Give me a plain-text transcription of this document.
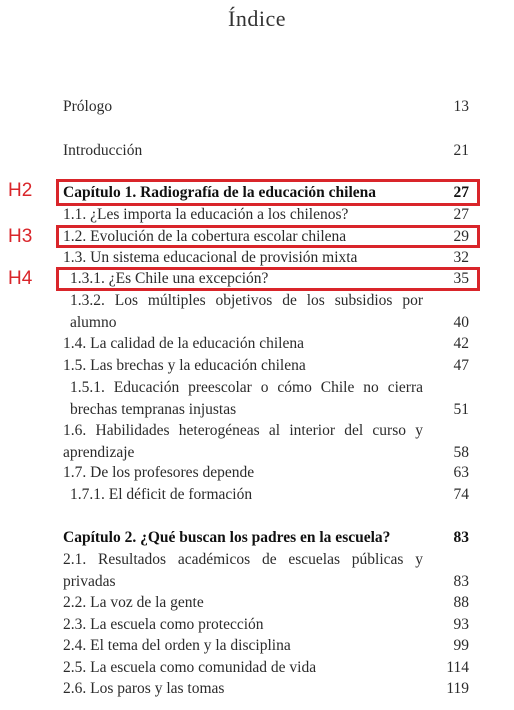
Índice
Prólogo	13
Introducción	21
Capítulo 1. Radiografía de la educación chilena	27
1.1. ¿Les importa la educación a los chilenos?	27
1.2. Evolución de la cobertura escolar chilena	29
1.3. Un sistema educacional de provisión mixta	32
1.3.1. ¿Es Chile una excepción?	35
1.3.2. Los múltiples objetivos de los subsidios por alumno	40
1.4. La calidad de la educación chilena	42
1.5. Las brechas y la educación chilena	47
1.5.1. Educación preescolar o cómo Chile no cierra brechas tempranas injustas	51
1.6. Habilidades heterogéneas al interior del curso y aprendizaje	58
1.7. De los profesores depende	63
1.7.1. El déficit de formación	74
Capítulo 2. ¿Qué buscan los padres en la escuela?	83
2.1. Resultados académicos de escuelas públicas y privadas	83
2.2. La voz de la gente	88
2.3. La escuela como protección	93
2.4. El tema del orden y la disciplina	99
2.5. La escuela como comunidad de vida	114
2.6. Los paros y las tomas	119
H2
H3
H4
